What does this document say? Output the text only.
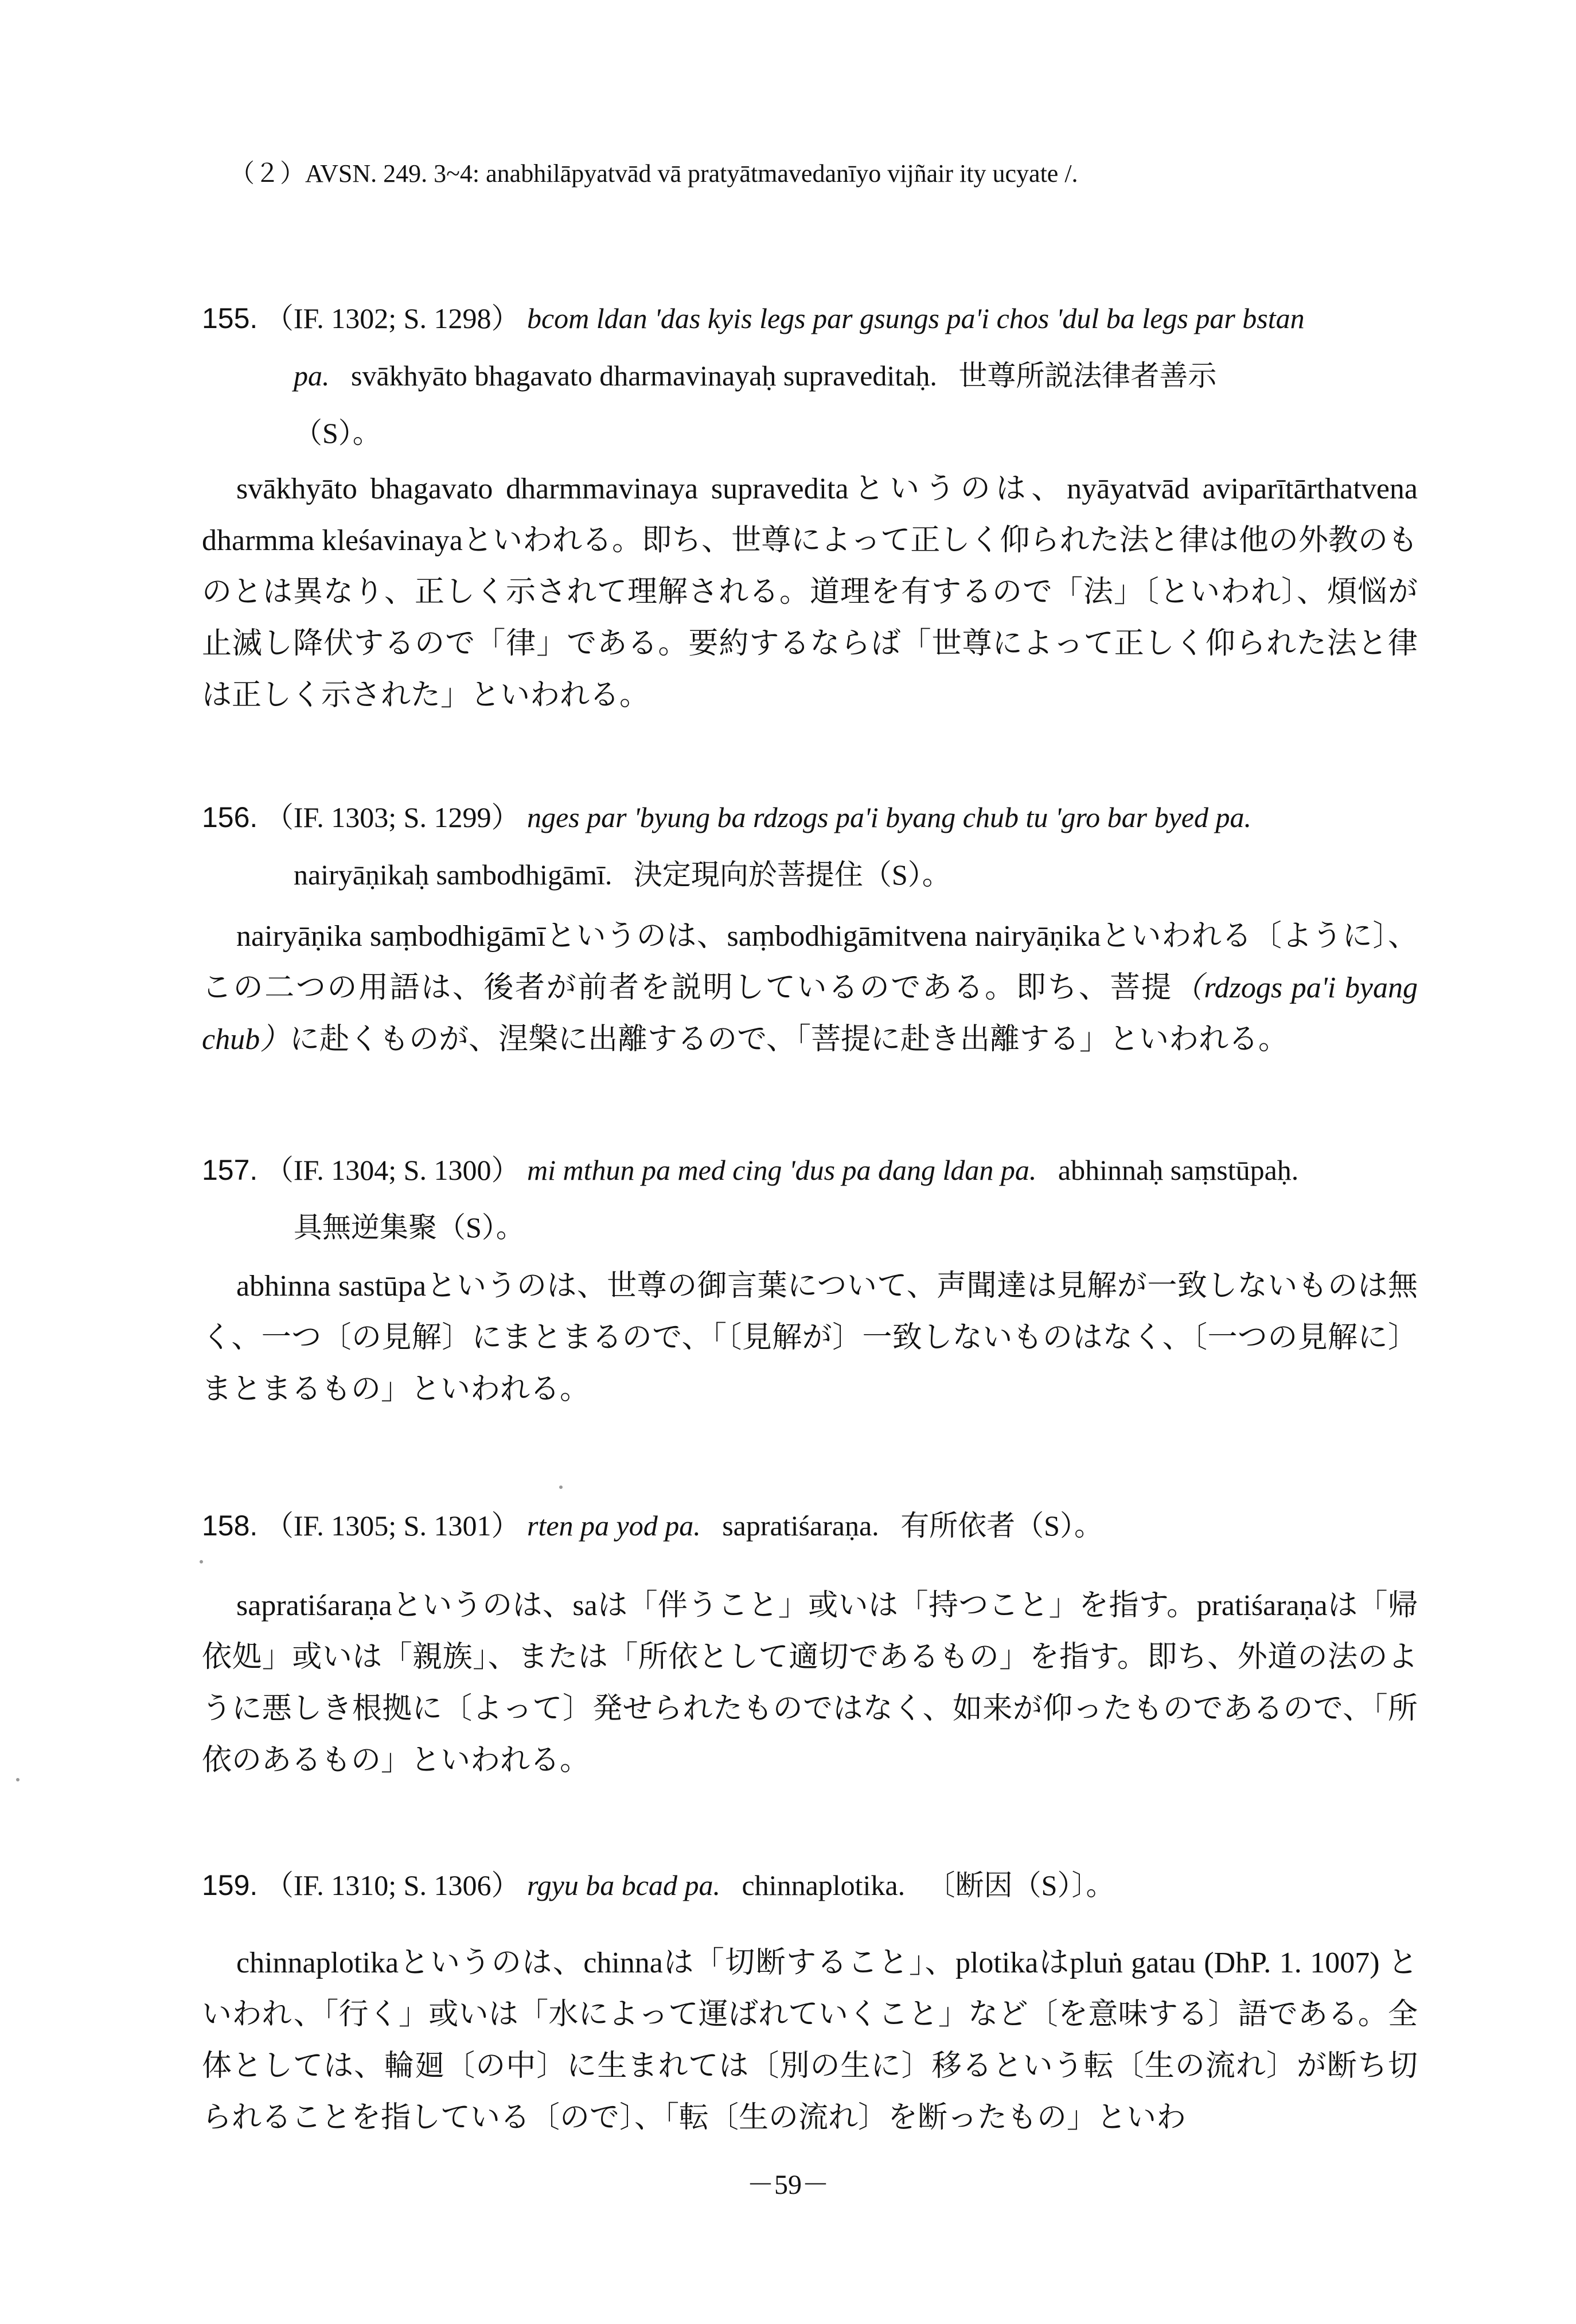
（２）AVSN. 249. 3~4: anabhilāpyatvād vā pratyātmavedanīyo vijñair ity ucyate /.
155. （IF. 1302; S. 1298） bcom ldan 'das kyis legs par gsungs pa'i chos 'dul ba legs par bstan
pa. svākhyāto bhagavato dharmavinayaḥ supraveditaḥ. 世尊所説法律者善示
（S）。

svākhyāto bhagavato dharmmavinaya supraveditaというのは、nyāyatvād aviparītārthatvena dharmma kleśavinayaといわれる。即ち、世尊によって正しく仰られた法と律は他の外教のものとは異なり、正しく示されて理解される。道理を有するので「法」〔といわれ〕、煩悩が止滅し降伏するので「律」である。要約するならば「世尊によって正しく仰られた法と律は正しく示された」といわれる。

156. （IF. 1303; S. 1299） nges par 'byung ba rdzogs pa'i byang chub tu 'gro bar byed pa.
nairyāṇikaḥ sambodhigāmī. 決定現向於菩提住（S）。

nairyāṇika saṃbodhigāmīというのは、saṃbodhigāmitvena nairyāṇikaといわれる〔ように〕、この二つの用語は、後者が前者を説明しているのである。即ち、菩提（rdzogs pa'i byang chub）に赴くものが、涅槃に出離するので、「菩提に赴き出離する」といわれる。

157. （IF. 1304; S. 1300） mi mthun pa med cing 'dus pa dang ldan pa. abhinnaḥ saṃstūpaḥ.
具無逆集聚（S）。

abhinna sastūpaというのは、世尊の御言葉について、声聞達は見解が一致しないものは無く、一つ〔の見解〕にまとまるので、「〔見解が〕一致しないものはなく、〔一つの見解に〕まとまるもの」といわれる。

158. （IF. 1305; S. 1301） rten pa yod pa. sapratiśaraṇa. 有所依者（S）。

sapratiśaraṇaというのは、saは「伴うこと」或いは「持つこと」を指す。pratiśaraṇaは「帰依処」或いは「親族」、または「所依として適切であるもの」を指す。即ち、外道の法のように悪しき根拠に〔よって〕発せられたものではなく、如来が仰ったものであるので、「所依のあるもの」といわれる。

159. （IF. 1310; S. 1306） rgyu ba bcad pa. chinnaplotika. 〔断因（S）〕。

chinnaplotikaというのは、chinnaは「切断すること」、plotikaはpluṅ gatau (DhP. 1. 1007) といわれ、「行く」或いは「水によって運ばれていくこと」など〔を意味する〕語である。全体としては、輪廻〔の中〕に生まれては〔別の生に〕移るという転〔生の流れ〕が断ち切られることを指している〔ので〕、「転〔生の流れ〕を断ったもの」といわ

－59－
